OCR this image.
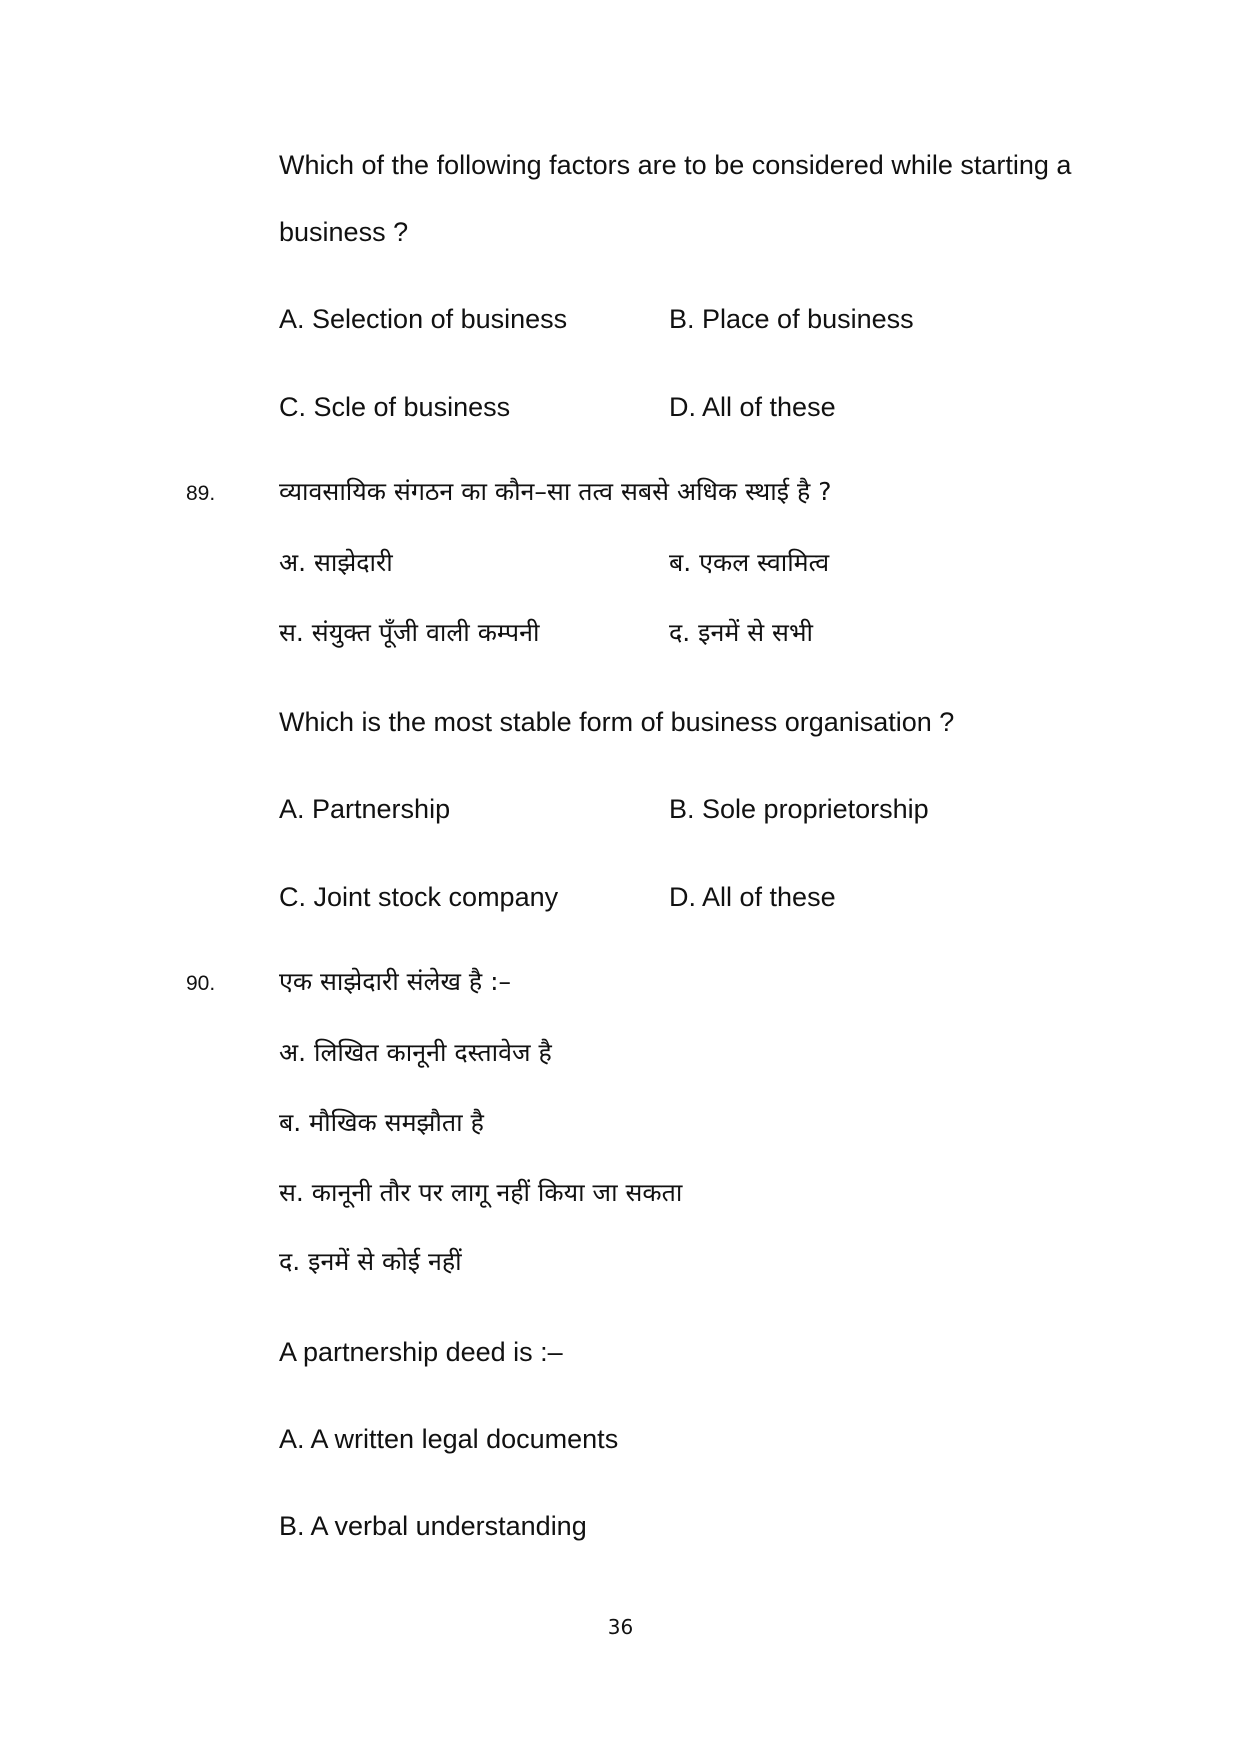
Which of the following factors are to be considered while starting a
business ?
A. Selection of business	B. Place of business
C. Scle of business	D. All of these
89.	व्यावसायिक संगठन का कौन–सा तत्व सबसे अधिक स्थाई है ?
अ. साझेदारी	ब. एकल स्वामित्व
स. संयुक्त पूँजी वाली कम्पनी	द. इनमें से सभी
Which is the most stable form of business organisation ?
A. Partnership	B. Sole proprietorship
C. Joint stock company	D. All of these
90.	एक साझेदारी संलेख है :–
अ. लिखित कानूनी दस्तावेज है
ब. मौखिक समझौता है
स. कानूनी तौर पर लागू नहीं किया जा सकता
द. इनमें से कोई नहीं
A partnership deed is :–
A. A written legal documents
B. A verbal understanding
36
